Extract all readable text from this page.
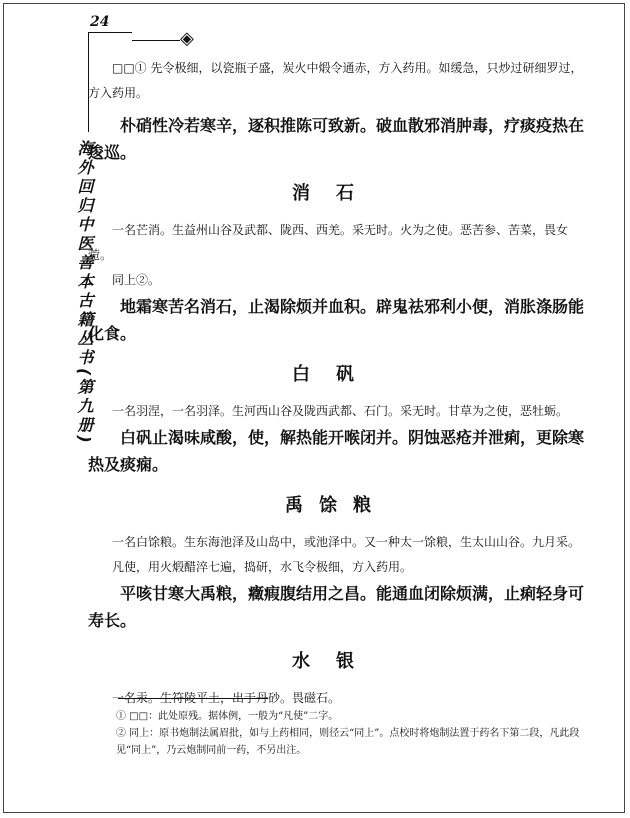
24
◈
海外回归中医善本古籍丛书(第九册)

□□① 先令极细，以瓷瓶子盛，炭火中煅令通赤，方入药用。如缓急，只炒过研细罗过，方入药用。

朴硝性冷若寒辛，逐积推陈可致新。破血散邪消肿毒，疗痰疫热在逡巡。

消石

一名芒消。生益州山谷及武都、陇西、西羌。采无时。火为之使。恶苦参、苦菜，畏女菀。

同上②。

地霜寒苦名消石，止渴除烦并血积。辟鬼祛邪利小便，消胀涤肠能化食。

白矾

一名羽涅，一名羽泽。生河西山谷及陇西武都、石门。采无时。甘草为之使，恶牡蛎。

白矾止渴味咸酸，使，解热能开喉闭并。阴蚀恶疮并泄痢，更除寒热及痰痫。

禹馀粮

一名白馀粮。生东海池泽及山岛中，或池泽中。又一种太一馀粮，生太山山谷。九月采。

凡使，用火煅醋淬七遍，捣研，水飞令极细，方入药用。

平咳甘寒大禹粮，癥瘕腹结用之昌。能通血闭除烦满，止痢轻身可寿长。

水银

一名汞。生符陵平土，出于丹砂。畏磁石。

① □□：此处原残。据体例，一般为“凡使”二字。

② 同上：原书炮制法属眉批，如与上药相同，则径云“同上”。点校时将炮制法置于药名下第二段，凡此段见“同上”，乃云炮制同前一药，不另出注。
